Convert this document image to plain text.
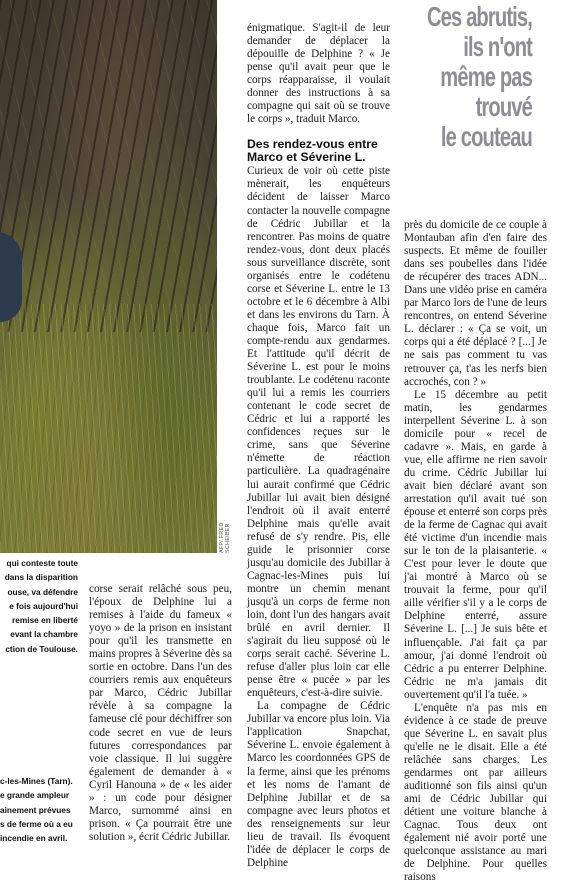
AFP/ FRED SCHEIBER
qui conteste toute
dans la disparition
ouse, va défendre
e fois aujourd'hui
remise en liberté
evant la chambre
ction de Toulouse.
c-les-Mines (Tarn).
e grande ampleur
ainement prévues
s de ferme où a eu
incendie en avril.
Ces abrutis,
ils n'ont
même pas
trouvé
le couteau

corse serait relâché sous peu, l'époux de Delphine lui a remises à l'aide du fameux « yoyo » de la prison en insistant pour qu'il les transmette en mains propres à Séverine dès sa sortie en octobre. Dans l'un des courriers remis aux enquêteurs par Marco, Cédric Jubillar révèle à sa compagne la fameuse clé pour déchiffrer son code secret en vue de leurs futures correspondances par voie classique. Il lui suggère également de demander à « Cyril Hanouna » de « les aider » : un code pour désigner Marco, surnommé ainsi en prison. « Ça pourrait être une solution », écrit Cédric Jubillar.

énigmatique. S'agit-il de leur demander de déplacer la dépouille de Delphine ? « Je pense qu'il avait peur que le corps réapparaisse, il voulait donner des instructions à sa compagne qui sait où se trouve le corps », traduit Marco.

Des rendez-vous entre Marco et Séverine L.

Curieux de voir où cette piste mènerait, les enquêteurs décident de laisser Marco contacter la nouvelle compagne de Cédric Jubillar et la rencontrer. Pas moins de quatre rendez-vous, dont deux placés sous surveillance discrète, sont organisés entre le codétenu corse et Séverine L. entre le 13 octobre et le 6 décembre à Albi et dans les environs du Tarn. À chaque fois, Marco fait un compte-rendu aux gendarmes. Et l'attitude qu'il décrit de Séverine L. est pour le moins troublante. Le codétenu raconte qu'il lui a remis les courriers contenant le code secret de Cédric et lui a rapporté les confidences reçues sur le crime, sans que Séverine n'émette de réaction particulière. La quadragénaire lui aurait confirmé que Cédric Jubillar lui avait bien désigné l'endroit où il avait enterré Delphine mais qu'elle avait refusé de s'y rendre. Pis, elle guide le prisonnier corse jusqu'au domicile des Jubillar à Cagnac-les-Mines puis lui montre un chemin menant jusqu'à un corps de ferme non loin, dont l'un des hangars avait brûlé en avril dernier. Il s'agirait du lieu supposé où le corps serait caché. Séverine L. refuse d'aller plus loin car elle pense être « pucée » par les enquêteurs, c'est-à-dire suivie.

La compagne de Cédric Jubillar va encore plus loin. Via l'application Snapchat, Séverine L. envoie également à Marco les coordonnées GPS de la ferme, ainsi que les prénoms et les noms de l'amant de Delphine Jubillar et de sa compagne avec leurs photos et des renseignements sur leur lieu de travail. Ils évoquent l'idée de déplacer le corps de Delphine

près du domicile de ce couple à Montauban afin d'en faire des suspects. Et même de fouiller dans ses poubelles dans l'idée de récupérer des traces ADN... Dans une vidéo prise en caméra par Marco lors de l'une de leurs rencontres, on entend Séverine L. déclarer : « Ça se voit, un corps qui a été déplacé ? [...] Je ne sais pas comment tu vas retrouver ça, t'as les nerfs bien accrochés, con ? »

Le 15 décembre au petit matin, les gendarmes interpellent Séverine L. à son domicile pour « recel de cadavre ». Mais, en garde à vue, elle affirme ne rien savoir du crime. Cédric Jubillar lui avait bien déclaré avant son arrestation qu'il avait tué son épouse et enterré son corps près de la ferme de Cagnac qui avait été victime d'un incendie mais sur le ton de la plaisanterie. « C'est pour lever le doute que j'ai montré à Marco où se trouvait la ferme, pour qu'il aille vérifier s'il y a le corps de Delphine enterré, assure Séverine L. [...] Je suis bête et influençable. J'ai fait ça par amour, j'ai donné l'endroit où Cédric a pu enterrer Delphine. Cédric ne m'a jamais dit ouvertement qu'il l'a tuée. »

L'enquête n'a pas mis en évidence à ce stade de preuve que Séverine L. en savait plus qu'elle ne le disait. Elle a été relâchée sans charges. Les gendarmes ont par ailleurs auditionné son fils ainsi qu'un ami de Cédric Jubillar qui détient une voiture blanche à Cagnac. Tous deux ont également nié avoir porté une quelconque assistance au mari de Delphine. Pour quelles raisons
